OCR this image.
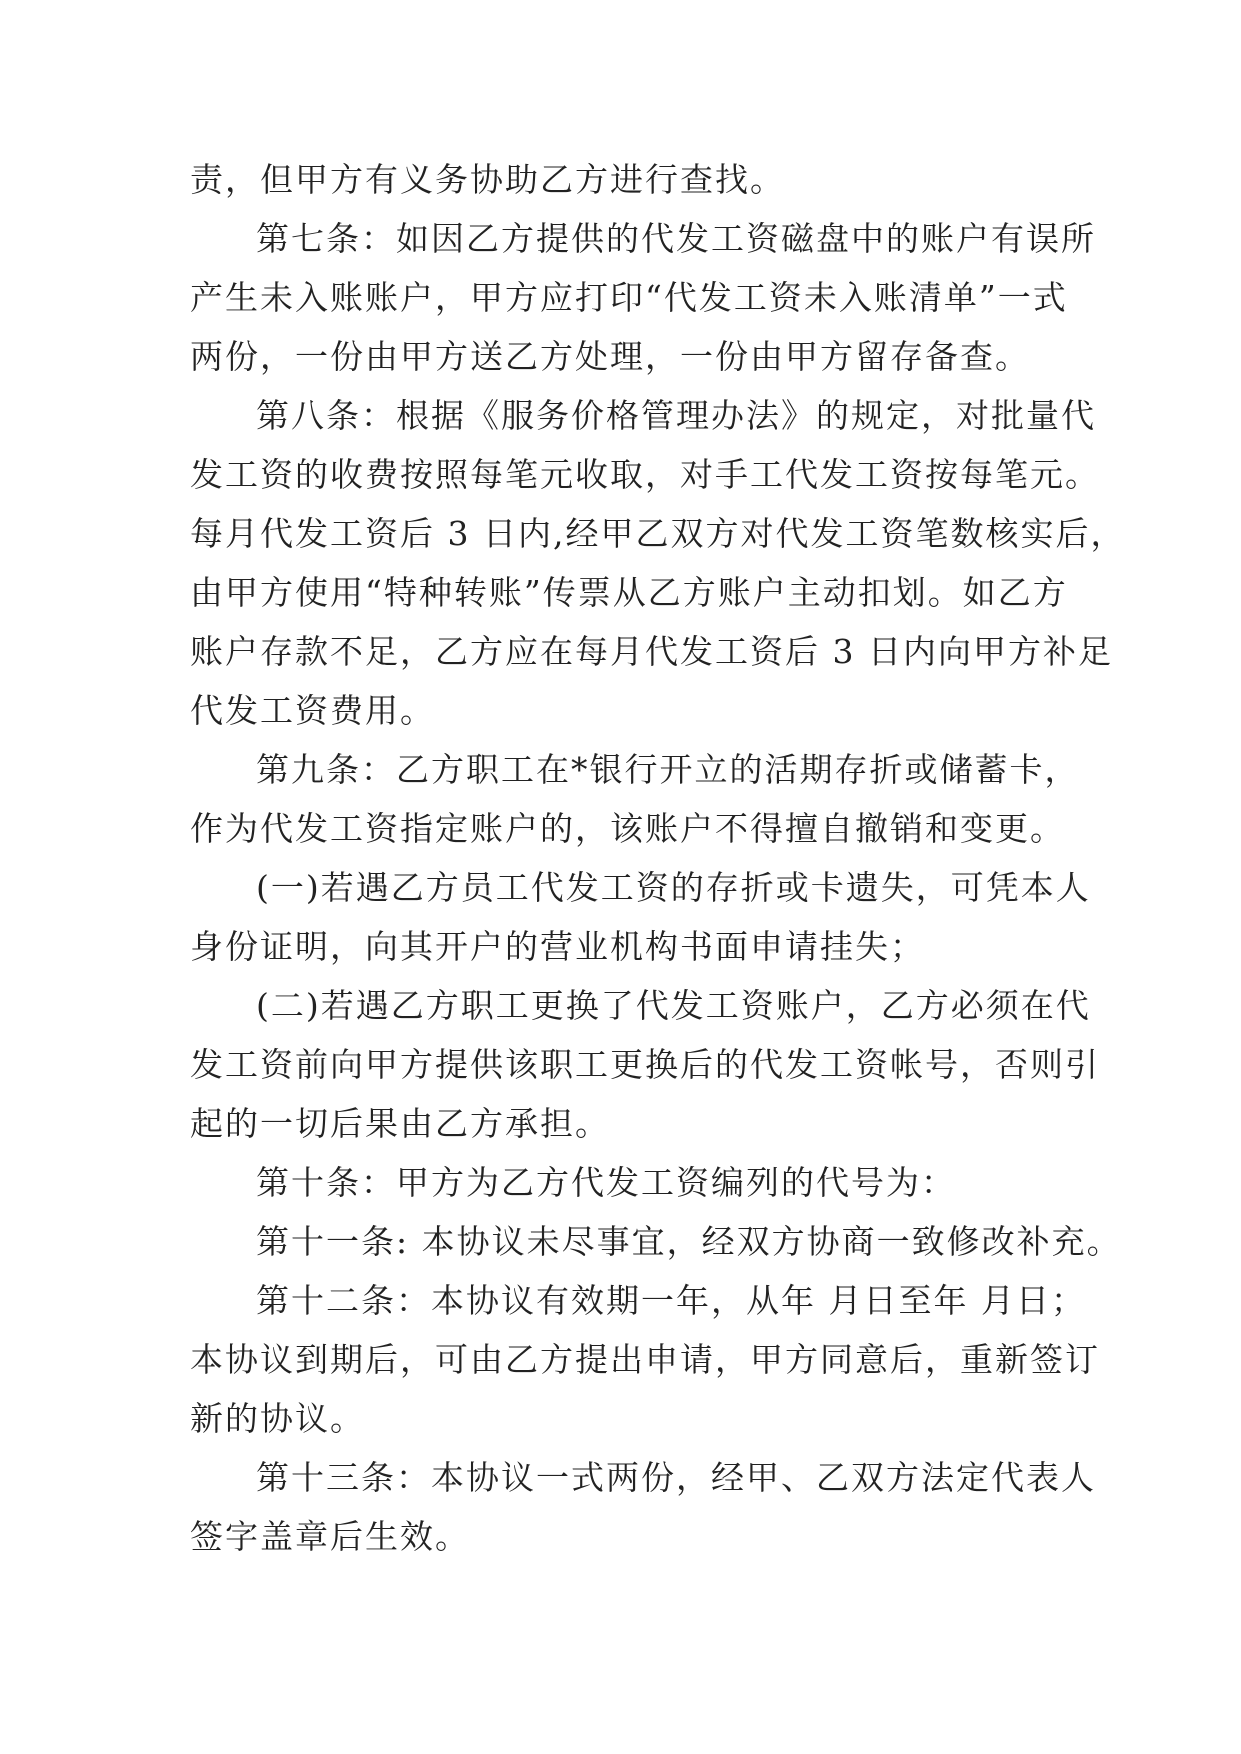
责，但甲方有义务协助乙方进行查找。
第七条：如因乙方提供的代发工资磁盘中的账户有误所
产生未入账账户，甲方应打印“代发工资未入账清单”一式
两份，一份由甲方送乙方处理，一份由甲方留存备查。
第八条：根据《服务价格管理办法》的规定，对批量代
发工资的收费按照每笔元收取，对手工代发工资按每笔元。
每月代发工资后 3 日内,经甲乙双方对代发工资笔数核实后，
由甲方使用“特种转账”传票从乙方账户主动扣划。如乙方
账户存款不足，乙方应在每月代发工资后 3 日内向甲方补足
代发工资费用。
第九条：乙方职工在*银行开立的活期存折或储蓄卡，
作为代发工资指定账户的，该账户不得擅自撤销和变更。
(一)若遇乙方员工代发工资的存折或卡遗失，可凭本人
身份证明，向其开户的营业机构书面申请挂失；
(二)若遇乙方职工更换了代发工资账户，乙方必须在代
发工资前向甲方提供该职工更换后的代发工资帐号，否则引
起的一切后果由乙方承担。
第十条：甲方为乙方代发工资编列的代号为：
第十一条: 本协议未尽事宜，经双方协商一致修改补充。
第十二条：本协议有效期一年，从年 月日至年 月日；
本协议到期后，可由乙方提出申请，甲方同意后，重新签订
新的协议。
第十三条：本协议一式两份，经甲、乙双方法定代表人
签字盖章后生效。
